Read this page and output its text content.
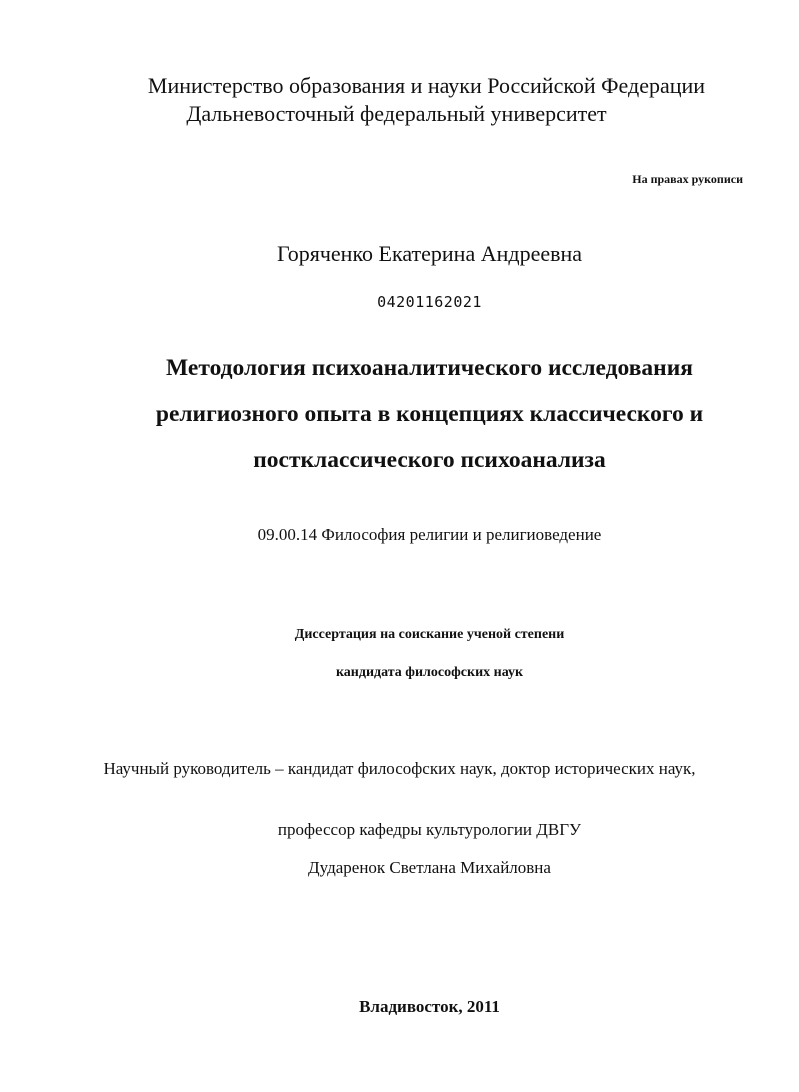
Министерство образования и науки Российской Федерации
Дальневосточный федеральный университет
На правах рукописи
Горяченко Екатерина Андреевна
04201162021
Методология психоаналитического исследования
религиозного опыта в концепциях классического и
постклассического психоанализа
09.00.14 Философия религии и религиоведение
Диссертация на соискание ученой степени
кандидата философских наук
Научный руководитель – кандидат философских наук, доктор исторических наук,
профессор кафедры культурологии ДВГУ
Дударенок Светлана Михайловна
Владивосток, 2011
